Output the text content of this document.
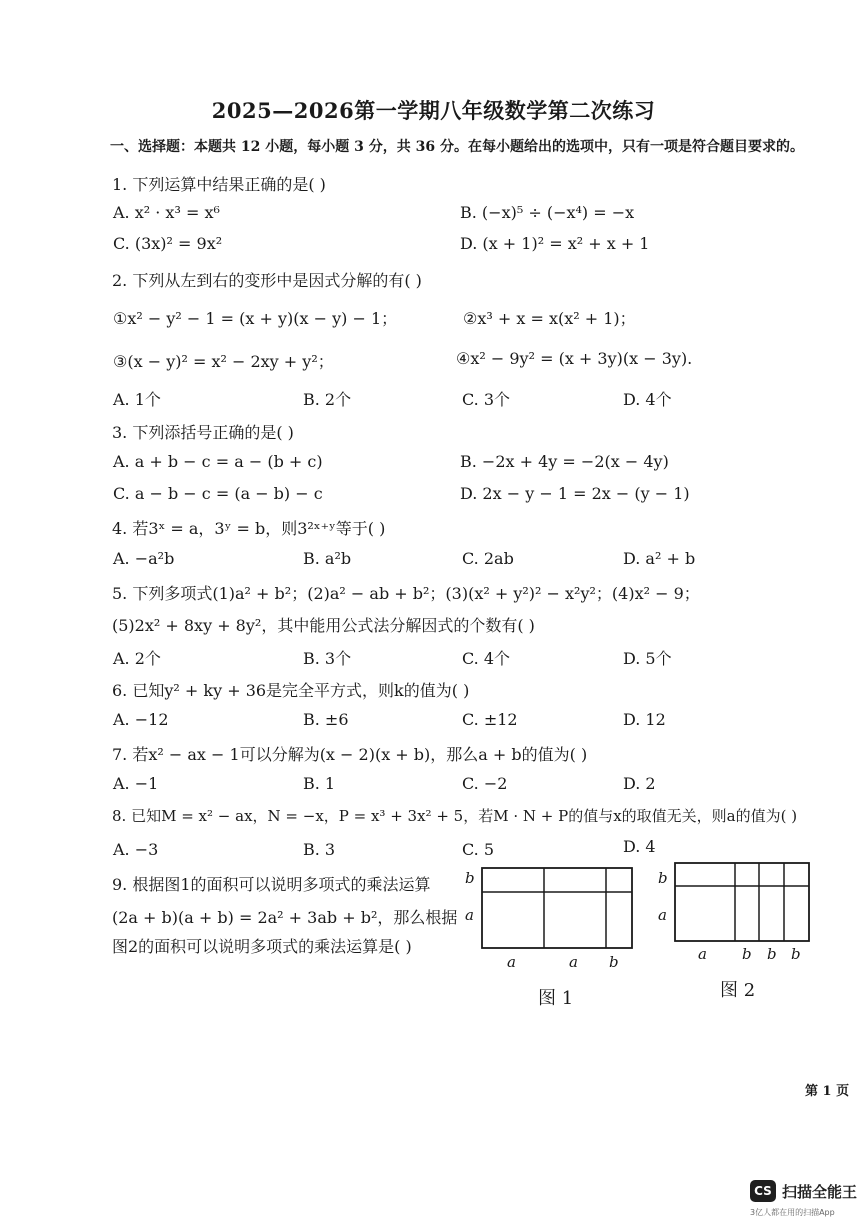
2025—2026第一学期八年级数学第二次练习
一、选择题：本题共 12 小题，每小题 3 分，共 36 分。在每小题给出的选项中，只有一项是符合题目要求的。
1. 下列运算中结果正确的是( )
A. x² · x³ = x⁶	B. (−x)⁵ ÷ (−x⁴) = −x
C. (3x)² = 9x²	D. (x + 1)² = x² + x + 1
2. 下列从左到右的变形中是因式分解的有( )
①x² − y² − 1 = (x + y)(x − y) − 1；	②x³ + x = x(x² + 1)；
③(x − y)² = x² − 2xy + y²；	④x² − 9y² = (x + 3y)(x − 3y).
A. 1个	B. 2个	C. 3个	D. 4个
3. 下列添括号正确的是( )
A. a + b − c = a − (b + c)	B. −2x + 4y = −2(x − 4y)
C. a − b − c = (a − b) − c	D. 2x − y − 1 = 2x − (y − 1)
4. 若3ˣ = a，3ʸ = b，则3²ˣ⁺ʸ等于( )
A. −a²b	B. a²b	C. 2ab	D. a² + b
5. 下列多项式(1)a² + b²；(2)a² − ab + b²；(3)(x² + y²)² − x²y²；(4)x² − 9；
(5)2x² + 8xy + 8y²，其中能用公式法分解因式的个数有( )
A. 2个	B. 3个	C. 4个	D. 5个
6. 已知y² + ky + 36是完全平方式，则k的值为( )
A. −12	B. ±6	C. ±12	D. 12
7. 若x² − ax − 1可以分解为(x − 2)(x + b)，那么a + b的值为( )
A. −1	B. 1	C. −2	D. 2
8. 已知M = x² − ax，N = −x，P = x³ + 3x² + 5，若M · N + P的值与x的取值无关，则a的值为( )
A. −3	B. 3	C. 5	D. 4
9. 根据图1的面积可以说明多项式的乘法运算
(2a + b)(a + b) = 2a² + 3ab + b²，那么根据
图2的面积可以说明多项式的乘法运算是( )
b
a
a	a b
图 1
b
a
a b b b
图 2
第 1 页
CS 扫描全能王
3亿人都在用的扫描App
